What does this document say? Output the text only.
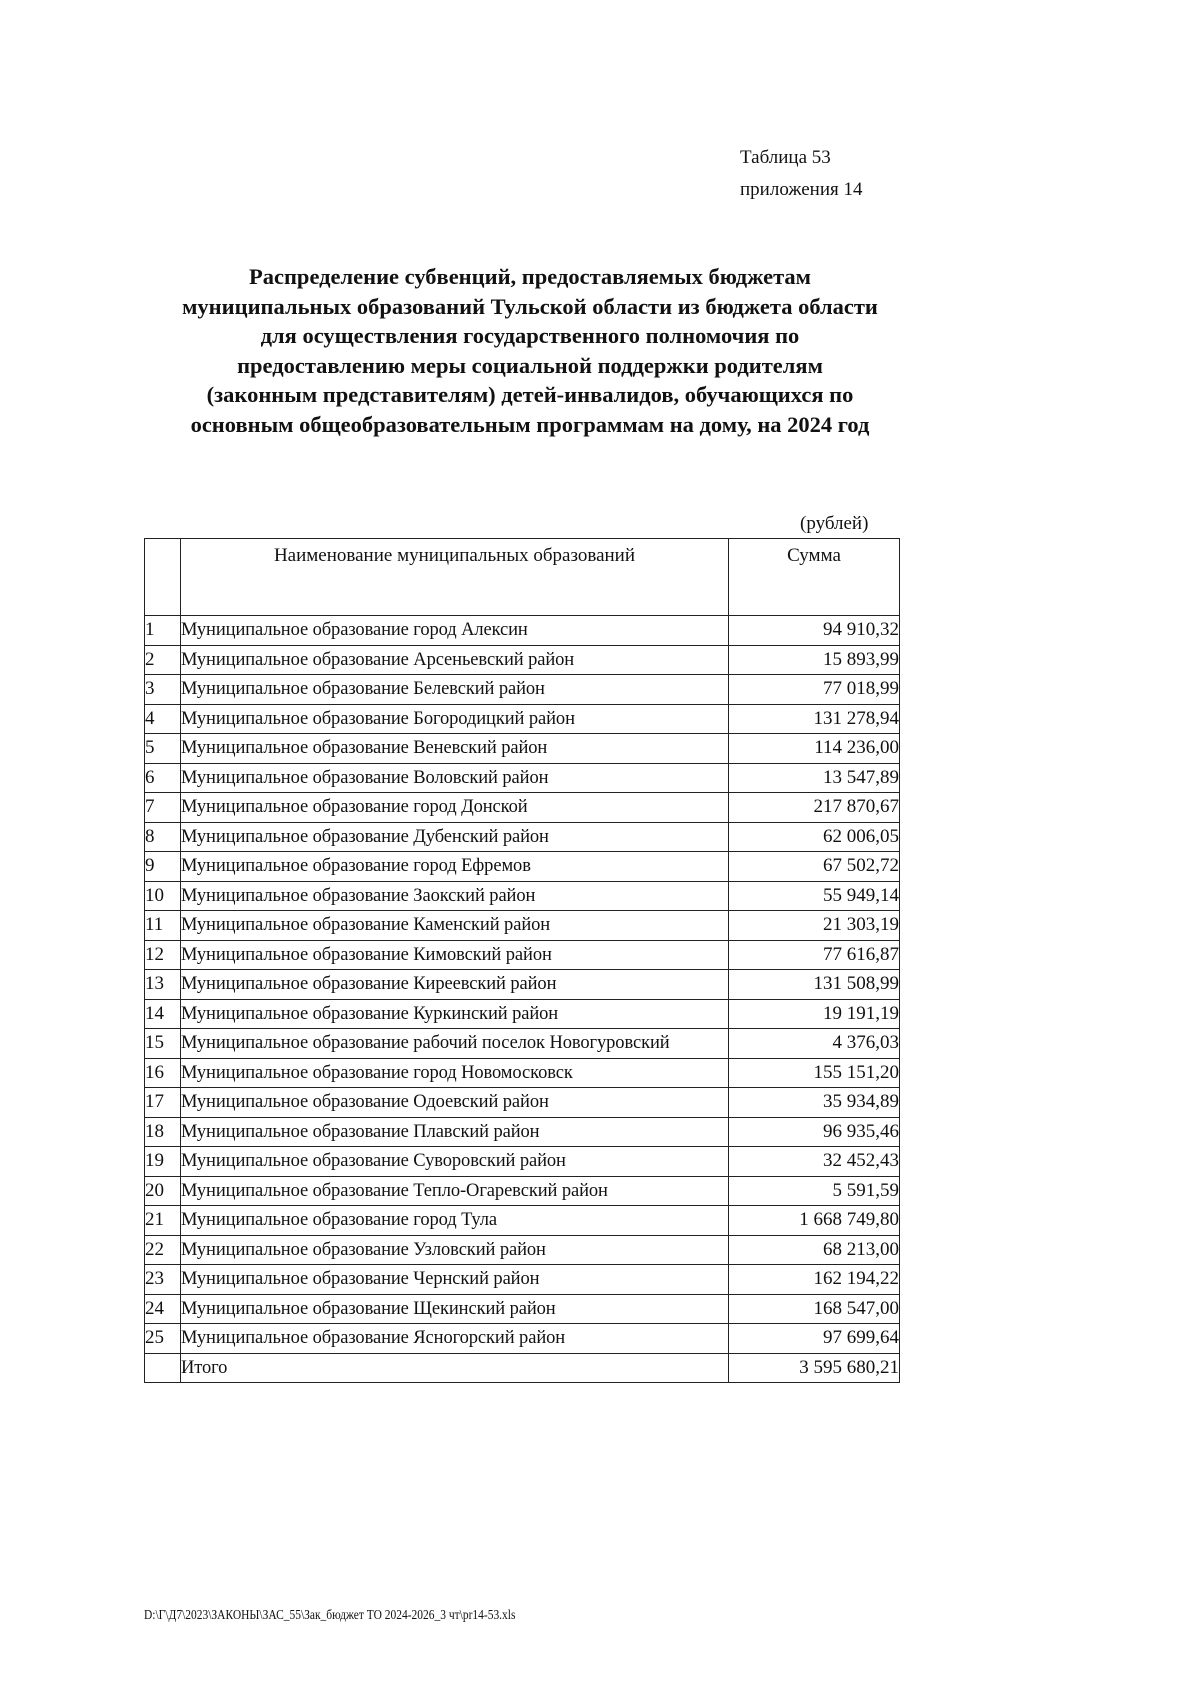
Таблица 53
приложения 14
Распределение субвенций, предоставляемых бюджетам
муниципальных образований Тульской области из бюджета области
для осуществления государственного полномочия по
предоставлению меры социальной поддержки родителям
(законным представителям) детей-инвалидов, обучающихся по
основным общеобразовательным программам на дому, на 2024 год
(рублей)
	Наименование муниципальных образований	Сумма
1	Муниципальное образование город Алексин	94 910,32
2	Муниципальное образование Арсеньевский район	15 893,99
3	Муниципальное образование Белевский район	77 018,99
4	Муниципальное образование Богородицкий район	131 278,94
5	Муниципальное образование Веневский район	114 236,00
6	Муниципальное образование Воловский район	13 547,89
7	Муниципальное образование город Донской	217 870,67
8	Муниципальное образование Дубенский район	62 006,05
9	Муниципальное образование город Ефремов	67 502,72
10	Муниципальное образование Заокский район	55 949,14
11	Муниципальное образование Каменский район	21 303,19
12	Муниципальное образование Кимовский район	77 616,87
13	Муниципальное образование Киреевский район	131 508,99
14	Муниципальное образование Куркинский район	19 191,19
15	Муниципальное образование рабочий поселок Новогуровский	4 376,03
16	Муниципальное образование город Новомосковск	155 151,20
17	Муниципальное образование Одоевский район	35 934,89
18	Муниципальное образование Плавский район	96 935,46
19	Муниципальное образование Суворовский район	32 452,43
20	Муниципальное образование Тепло-Огаревский район	5 591,59
21	Муниципальное образование город Тула	1 668 749,80
22	Муниципальное образование Узловский район	68 213,00
23	Муниципальное образование Чернский район	162 194,22
24	Муниципальное образование Щекинский район	168 547,00
25	Муниципальное образование Ясногорский район	97 699,64
	Итого	3 595 680,21
D:\Г\Д7\2023\ЗАКОНЫ\ЗАС_55\Зак_бюджет ТО 2024-2026_3 чт\pr14-53.xls
